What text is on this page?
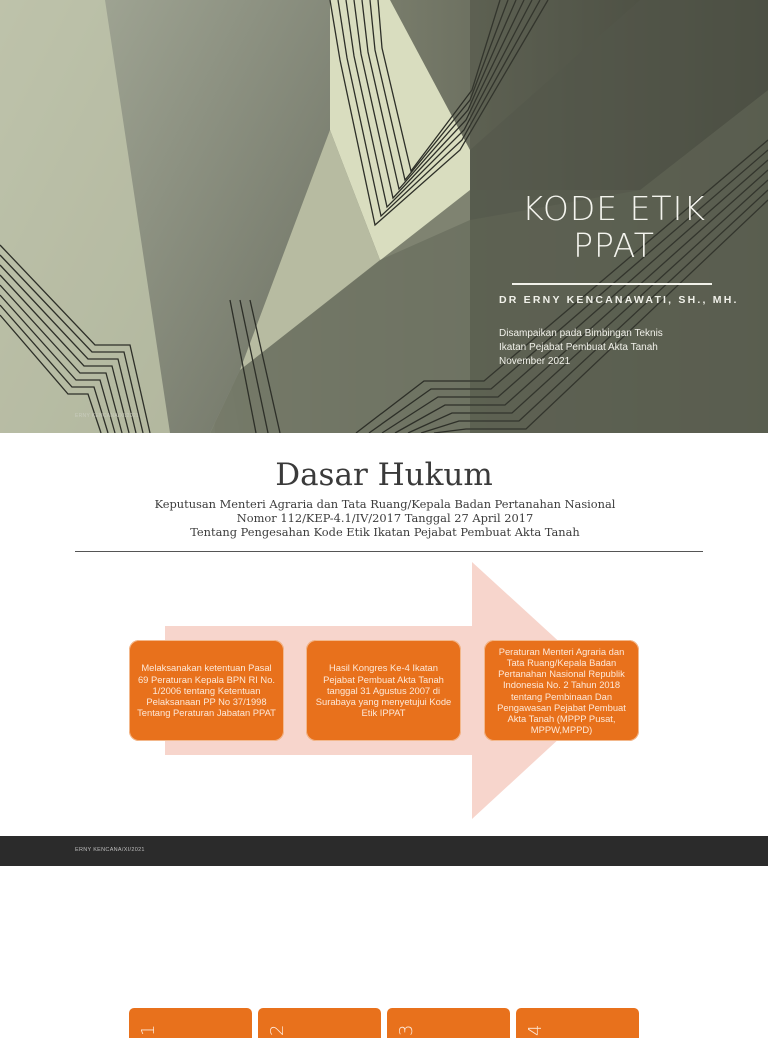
KODE ETIK
PPAT
DR ERNY KENCANAWATI, SH., MH.
Disampaikan pada Bimbingan Teknis
Ikatan Pejabat Pembuat Akta Tanah
November 2021
ERNY KENCANA/XI/2021
Dasar Hukum
Keputusan Menteri Agraria dan Tata Ruang/Kepala Badan Pertanahan Nasional
Nomor 112/KEP-4.1/IV/2017 Tanggal 27 April 2017
Tentang Pengesahan Kode Etik Ikatan Pejabat Pembuat Akta Tanah
Melaksanakan ketentuan Pasal 69 Peraturan Kepala BPN RI No. 1/2006 tentang Ketentuan Pelaksanaan PP No 37/1998 Tentang Peraturan Jabatan PPAT
Hasil Kongres Ke-4 Ikatan Pejabat Pembuat Akta Tanah tanggal 31 Agustus 2007 di Surabaya yang menyetujui Kode Etik IPPAT
Peraturan Menteri Agraria dan Tata Ruang/Kepala Badan Pertanahan Nasional Republik Indonesia No. 2 Tahun 2018 tentang Pembinaan Dan Pengawasan Pejabat Pembuat Akta Tanah (MPPP Pusat, MPPW,MPPD)
ERNY KENCANA/XI/2021
1	2	3	4
